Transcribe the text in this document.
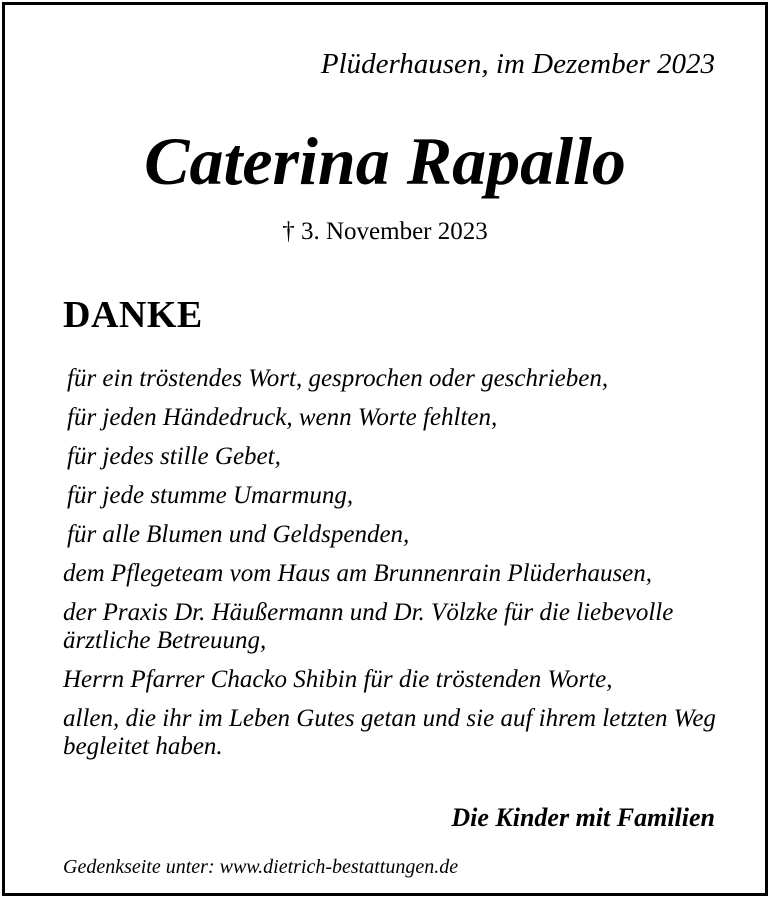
Plüderhausen, im Dezember 2023
Caterina Rapallo
† 3. November 2023
DANKE
für ein tröstendes Wort, gesprochen oder geschrieben,
für jeden Händedruck, wenn Worte fehlten,
für jedes stille Gebet,
für jede stumme Umarmung,
für alle Blumen und Geldspenden,
dem Pflegeteam vom Haus am Brunnenrain Plüderhausen,
der Praxis Dr. Häußermann und Dr. Völzke für die liebevolle ärztliche Betreuung,
Herrn Pfarrer Chacko Shibin für die tröstenden Worte,
allen, die ihr im Leben Gutes getan und sie auf ihrem letzten Weg begleitet haben.
Die Kinder mit Familien
Gedenkseite unter: www.dietrich-bestattungen.de
